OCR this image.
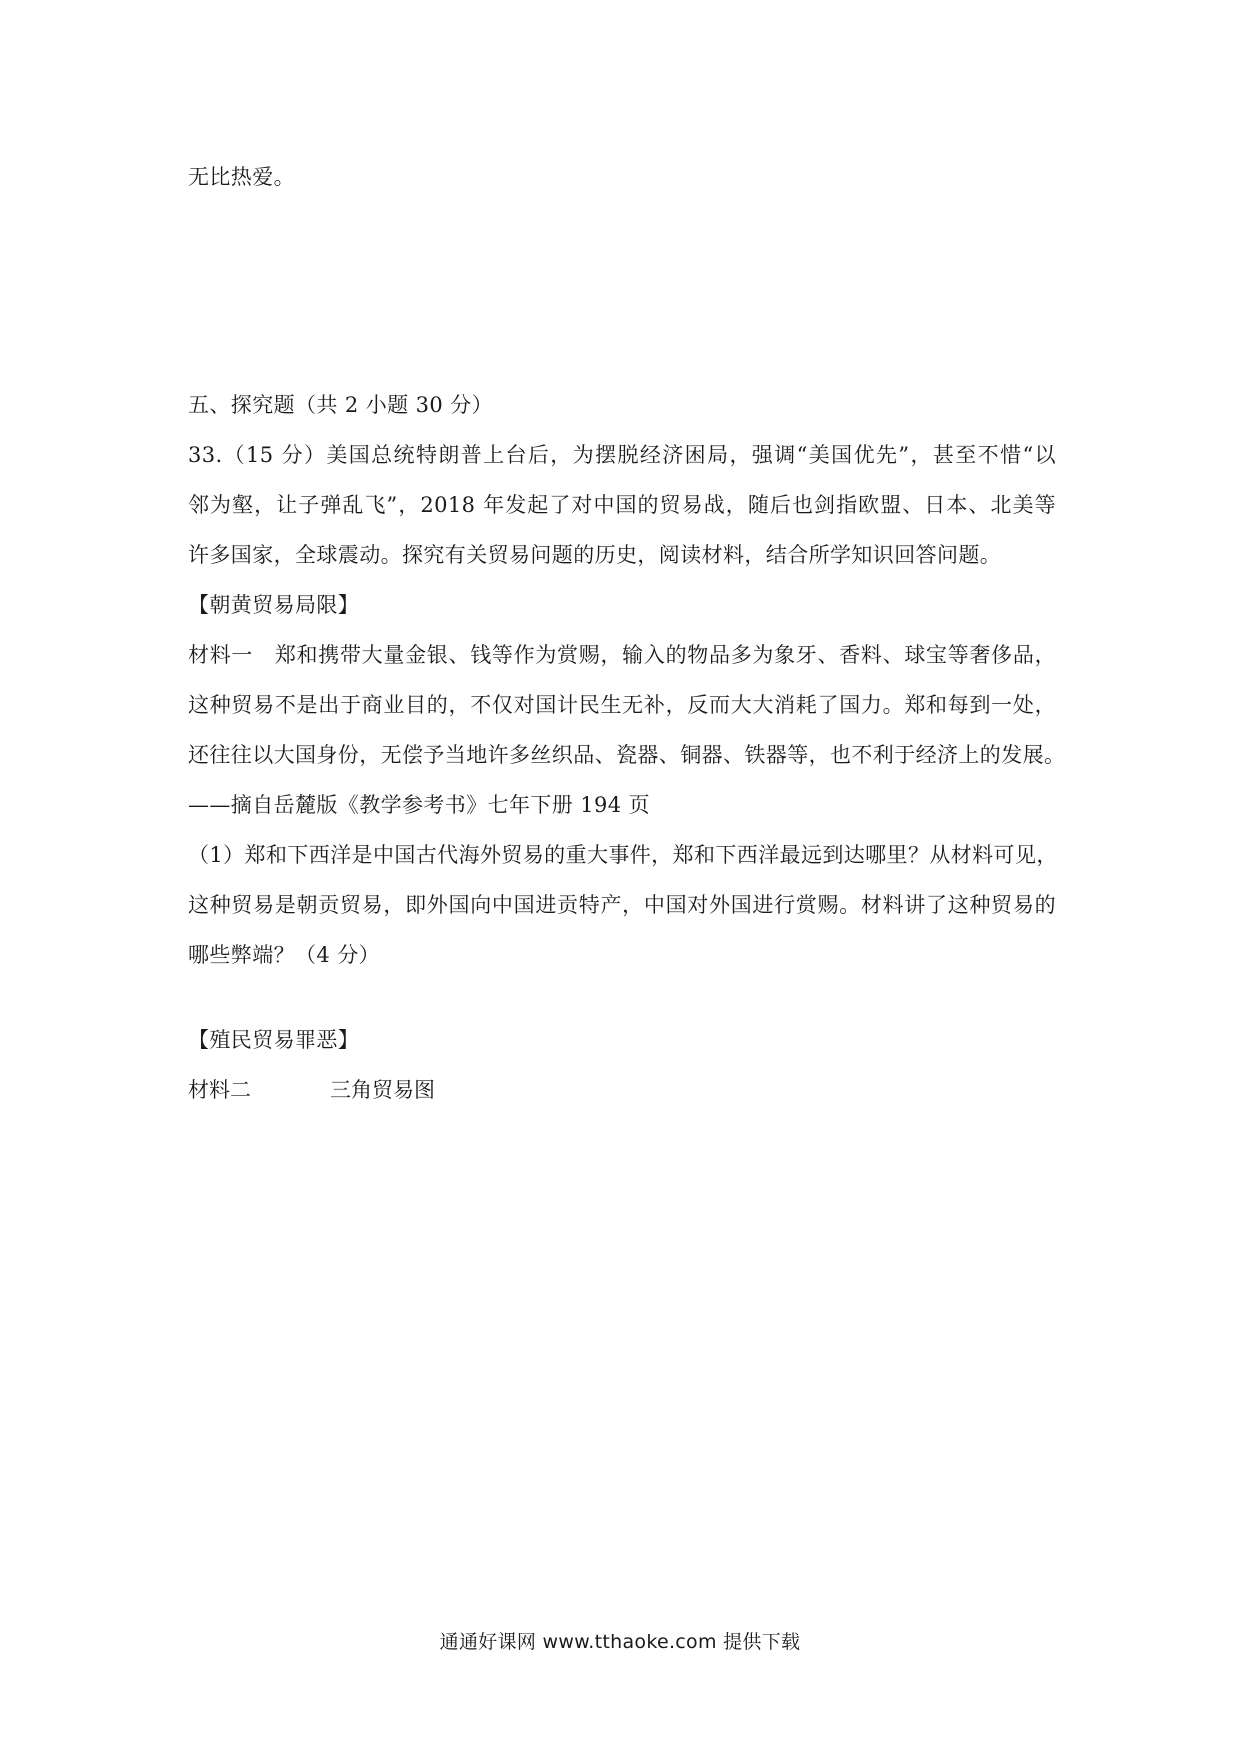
无比热爱。
五、探究题（共 2 小题 30 分）
33.（15 分）美国总统特朗普上台后，为摆脱经济困局，强调“美国优先”，甚至不惜“以
邻为壑，让子弹乱飞”，2018 年发起了对中国的贸易战，随后也剑指欧盟、日本、北美等
许多国家，全球震动。探究有关贸易问题的历史，阅读材料，结合所学知识回答问题。
【朝黄贸易局限】
材料一　郑和携带大量金银、钱等作为赏赐，输入的物品多为象牙、香料、球宝等奢侈品，
这种贸易不是出于商业目的，不仅对国计民生无补，反而大大消耗了国力。郑和每到一处，
还往往以大国身份，无偿予当地许多丝织品、瓷器、铜器、铁器等，也不利于经济上的发展。
——摘自岳麓版《教学参考书》七年下册 194 页
（1）郑和下西洋是中国古代海外贸易的重大事件，郑和下西洋最远到达哪里？从材料可见，
这种贸易是朝贡贸易，即外国向中国进贡特产，中国对外国进行赏赐。材料讲了这种贸易的
哪些弊端？（4 分）
【殖民贸易罪恶】
材料二	三角贸易图
通通好课网 www.tthaoke.com 提供下载
